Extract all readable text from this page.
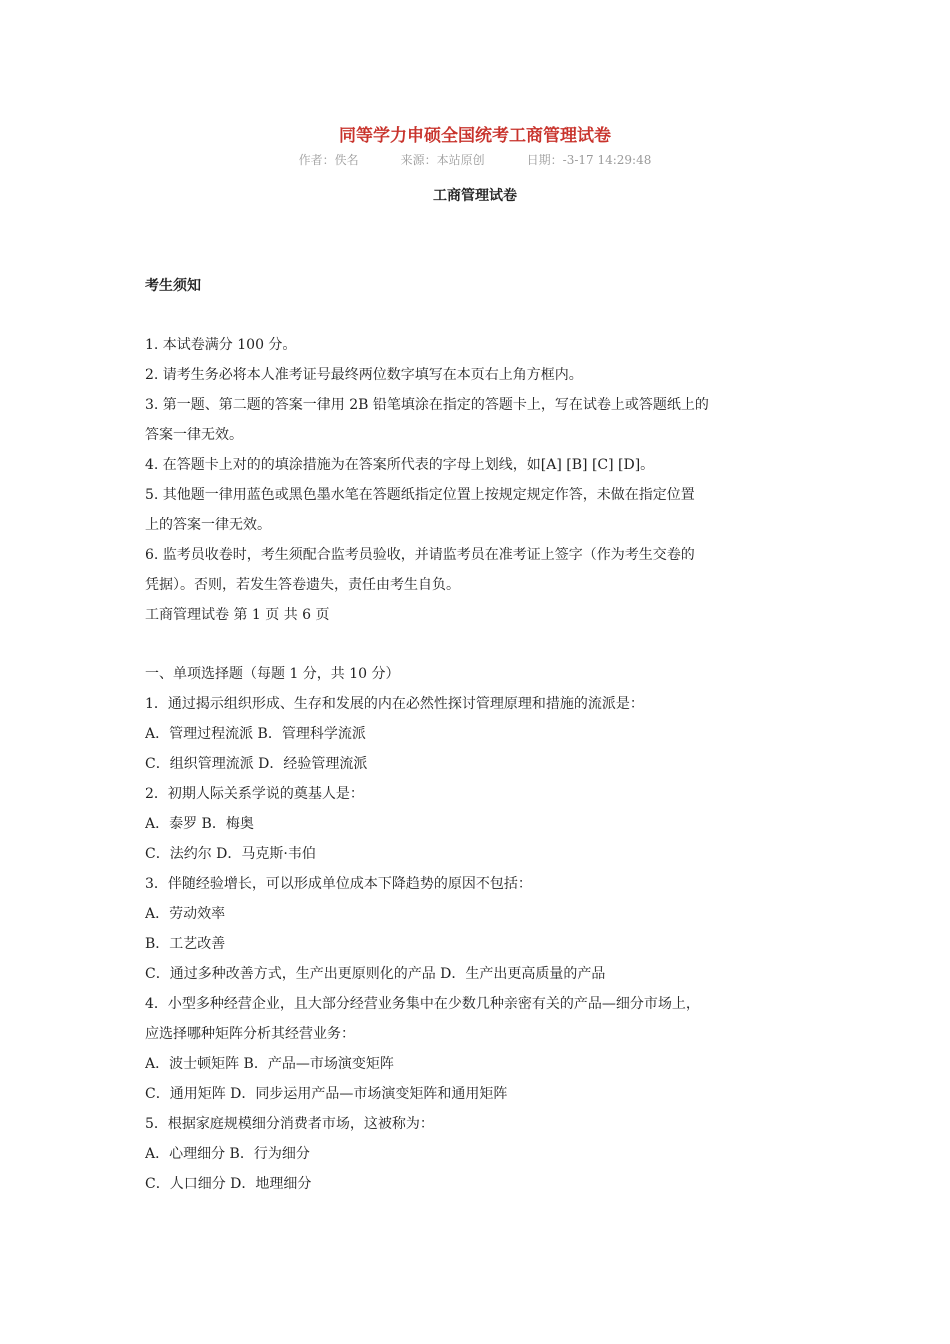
同等学力申硕全国统考工商管理试卷
作者：佚名	来源：本站原创	日期：-3-17 14:29:48
工商管理试卷
考生须知
1. 本试卷满分 100 分。
2. 请考生务必将本人准考证号最终两位数字填写在本页右上角方框内。
3. 第一题、第二题的答案一律用 2B 铅笔填涂在指定的答题卡上，写在试卷上或答题纸上的
答案一律无效。
4. 在答题卡上对的的填涂措施为在答案所代表的字母上划线，如[A] [B] [C] [D]。
5. 其他题一律用蓝色或黑色墨水笔在答题纸指定位置上按规定规定作答，未做在指定位置
上的答案一律无效。
6. 监考员收卷时，考生须配合监考员验收，并请监考员在准考证上签字（作为考生交卷的
凭据）。否则，若发生答卷遗失，责任由考生自负。
工商管理试卷 第 1 页 共 6 页
一、单项选择题（每题 1 分，共 10 分）
1．通过揭示组织形成、生存和发展的内在必然性探讨管理原理和措施的流派是：
A．管理过程流派 B．管理科学流派
C．组织管理流派 D．经验管理流派
2．初期人际关系学说的奠基人是：
A．泰罗 B．梅奥
C．法约尔 D．马克斯·韦伯
3．伴随经验增长，可以形成单位成本下降趋势的原因不包括：
A．劳动效率
B．工艺改善
C．通过多种改善方式，生产出更原则化的产品 D．生产出更高质量的产品
4．小型多种经营企业，且大部分经营业务集中在少数几种亲密有关的产品—细分市场上，
应选择哪种矩阵分析其经营业务：
A．波士顿矩阵 B．产品—市场演变矩阵
C．通用矩阵 D．同步运用产品—市场演变矩阵和通用矩阵
5．根据家庭规模细分消费者市场，这被称为：
A．心理细分 B．行为细分
C．人口细分 D．地理细分
